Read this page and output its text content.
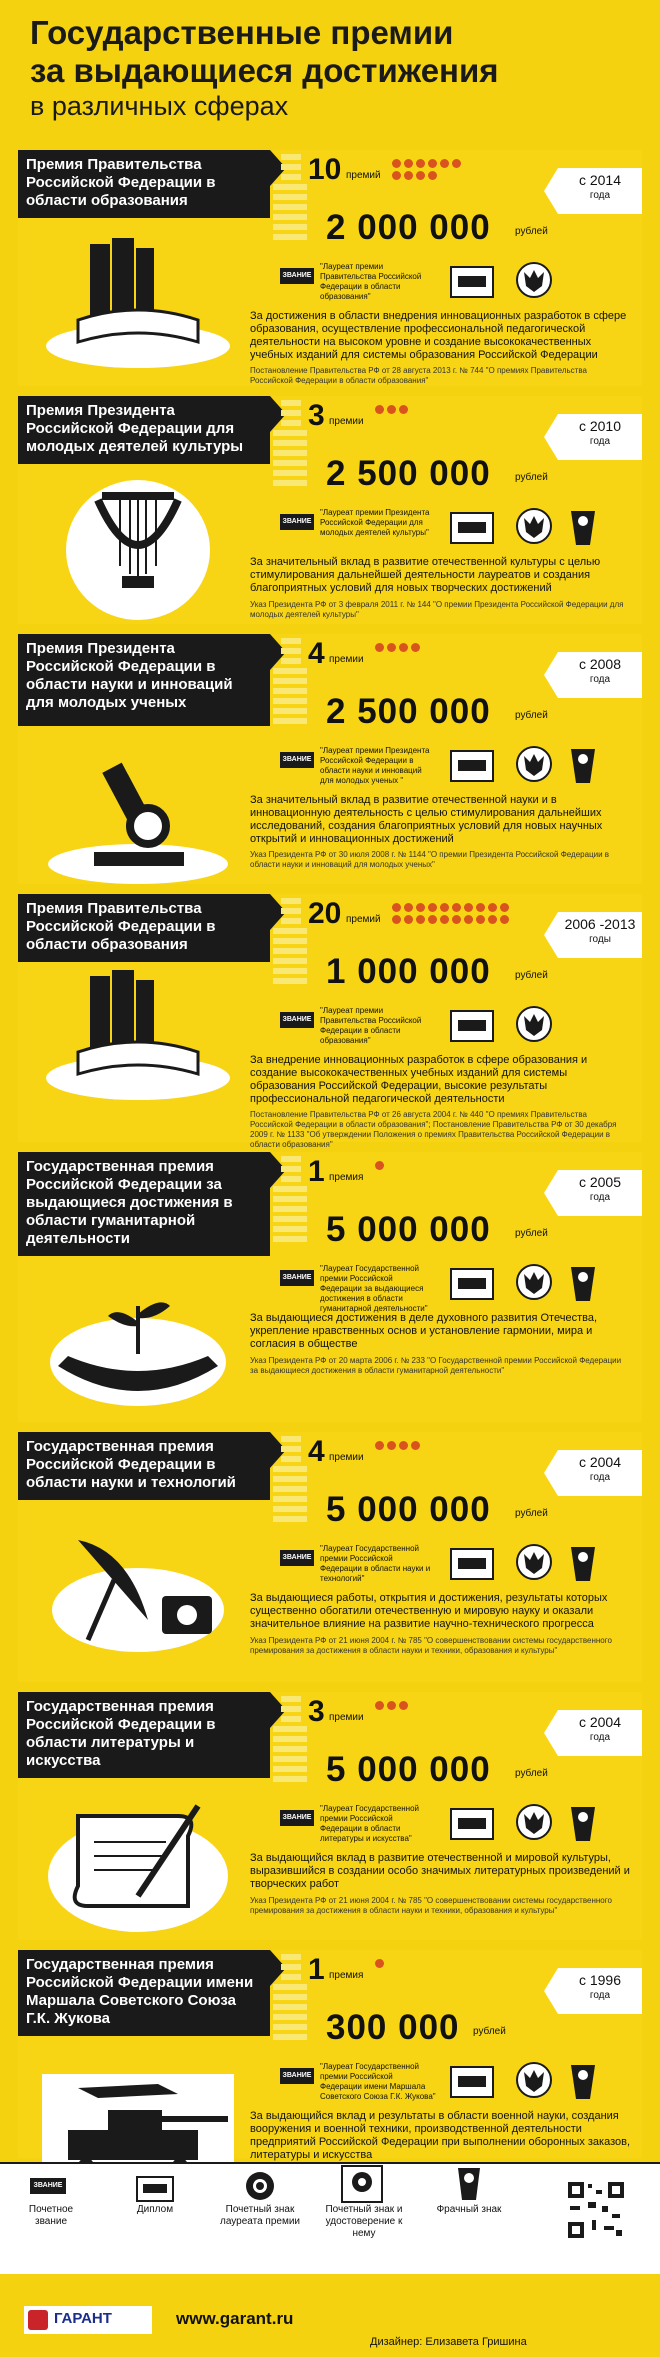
Государственные премии
за выдающиеся достижения
в различных сферах
Премия Правительства Российской Федерации в области образования
10 премий	с 2014
года
2 000 000 рублей
ЗВАНИЕ
"Лауреат премии Правительства Российской Федерации в области образования"
За достижения в области внедрения инновационных разработок в сфере образования, осуществление профессиональной педагогической деятельности на высоком уровне и создание высококачественных учебных изданий для системы образования Российской Федерации
Постановление Правительства РФ от 28 августа 2013 г. № 744 "О премиях Правительства Российской Федерации в области образования"
Премия Президента Российской Федерации для молодых деятелей культуры
3 премии	с 2010
года
2 500 000 рублей
ЗВАНИЕ
"Лауреат премии Президента Российской Федерации для молодых деятелей культуры"
За значительный вклад в развитие отечественной культуры с целью стимулирования дальнейшей деятельности лауреатов и создания благоприятных условий для новых творческих достижений
Указ Президента РФ от 3 февраля 2011 г. № 144 "О премии Президента Российской Федерации для молодых деятелей культуры"
Премия Президента Российской Федерации в области науки и инноваций для молодых ученых
4 премии	с 2008
года
2 500 000 рублей
ЗВАНИЕ
"Лауреат премии Президента Российской Федерации в области науки и инноваций для молодых ученых "
За значительный вклад в развитие отечественной науки и в инновационную деятельность с целью стимулирования дальнейших исследований, создания благоприятных условий для новых научных открытий и инновационных достижений
Указ Президента РФ от 30 июля 2008 г. № 1144 "О премии Президента Российской Федерации в области науки и инноваций для молодых ученых"
Премия Правительства Российской Федерации в области образования
20 премий	2006 -2013
годы
1 000 000 рублей
ЗВАНИЕ
"Лауреат премии Правительства Российской Федерации в области образования"
За внедрение инновационных разработок в сфере образования и создание высококачественных учебных изданий для системы образования Российской Федерации, высокие результаты профессиональной педагогической деятельности
Постановление Правительства РФ от 26 августа 2004 г. № 440 "О премиях Правительства Российской Федерации в области образования"; Постановление Правительства РФ от 30 декабря 2009 г. № 1133 "Об утверждении Положения о премиях Правительства Российской Федерации в области образования"
Государственная премия Российской Федерации за выдающиеся достижения в области гуманитарной деятельности
1 премия	с 2005
года
5 000 000 рублей
ЗВАНИЕ
"Лауреат Государственной премии Российской Федерации за выдающиеся достижения в области гуманитарной деятельности"
За выдающиеся достижения в деле духовного развития Отечества, укрепление нравственных основ и установление гармонии, мира и согласия в обществе
Указ Президента РФ от 20 марта 2006 г. № 233 "О Государственной премии Российской Федерации за выдающиеся достижения в области гуманитарной деятельности"
Государственная премия Российской Федерации в области науки и технологий
4 премии	с 2004
года
5 000 000 рублей
ЗВАНИЕ
"Лауреат Государственной премии Российской Федерации в области науки и технологий"
За выдающиеся работы, открытия и достижения, результаты которых существенно обогатили отечественную и мировую науку и оказали значительное влияние на развитие научно-технического прогресса
Указ Президента РФ от 21 июня 2004 г. № 785 "О совершенствовании системы государственного премирования за достижения в области науки и техники, образования и культуры"
Государственная премия Российской Федерации в области литературы и искусства
3 премии	с 2004
года
5 000 000 рублей
ЗВАНИЕ
"Лауреат Государственной премии Российской Федерации в области литературы и искусства"
За выдающийся вклад в развитие отечественной и мировой культуры, выразившийся в создании особо значимых литературных произведений и творческих работ
Указ Президента РФ от 21 июня 2004 г. № 785 "О совершенствовании системы государственного премирования за достижения в области науки и техники, образования и культуры"
Государственная премия Российской Федерации имени Маршала Советского Союза Г.К. Жукова
1 премия	с 1996
года
300 000 рублей
ЗВАНИЕ
"Лауреат Государственной премии Российской Федерации имени Маршала Советского Союза Г.К. Жукова"
За выдающийся вклад и результаты в области военной науки, создания вооружения и военной техники, производственной деятельности предприятий Российской Федерации при выполнении оборонных заказов, литературы и искусства
ЗВАНИЕ
Почетное звание
Диплом	Почетный знак лауреата премии
Почетный знак и удостоверение к нему
Фрачный знак
ГАРАНТ	www.garant.ru
Дизайнер: Елизавета Гришина
